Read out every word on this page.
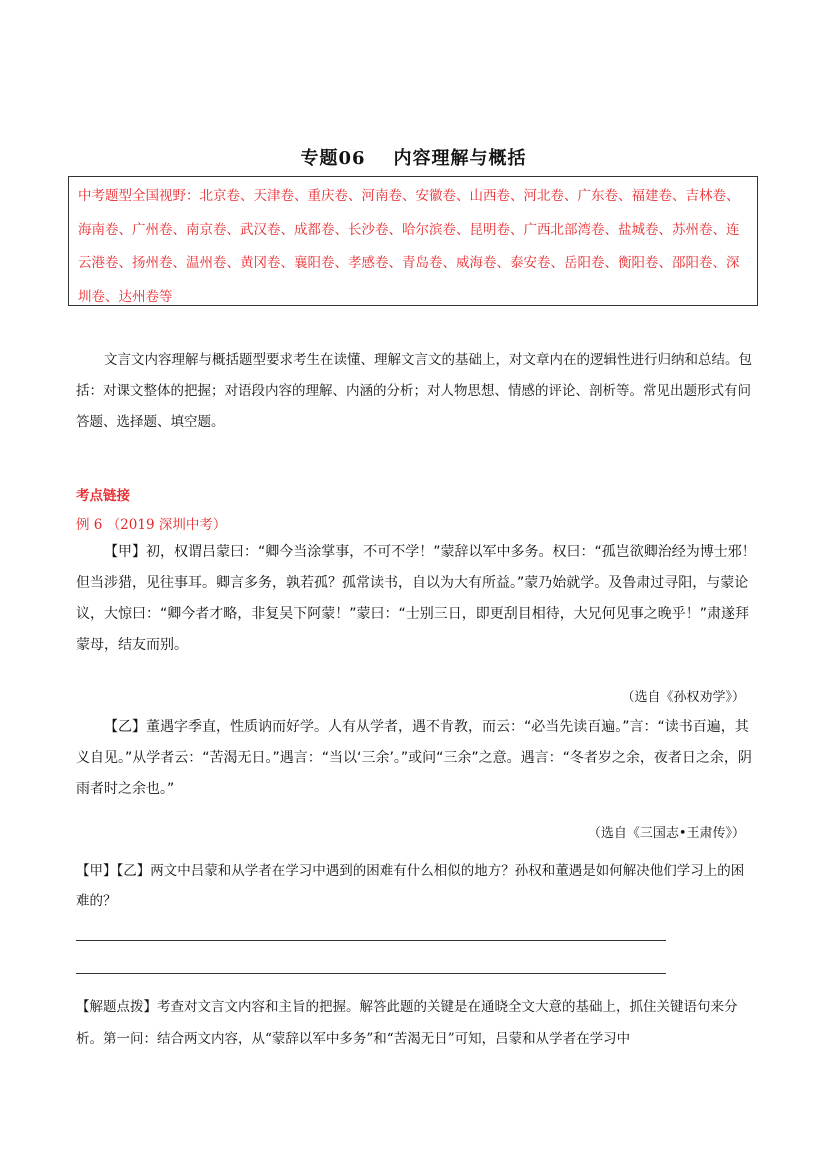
专题06 内容理解与概括
中考题型全国视野：北京卷、天津卷、重庆卷、河南卷、安徽卷、山西卷、河北卷、广东卷、福建卷、吉林卷、海南卷、广州卷、南京卷、武汉卷、成都卷、长沙卷、哈尔滨卷、昆明卷、广西北部湾卷、盐城卷、苏州卷、连云港卷、扬州卷、温州卷、黄冈卷、襄阳卷、孝感卷、青岛卷、威海卷、泰安卷、岳阳卷、衡阳卷、邵阳卷、深圳卷、达州卷等
文言文内容理解与概括题型要求考生在读懂、理解文言文的基础上，对文章内在的逻辑性进行归纳和总结。包括：对课文整体的把握；对语段内容的理解、内涵的分析；对人物思想、情感的评论、剖析等。常见出题形式有问答题、选择题、填空题。
考点链接
例 6 （2019 深圳中考）

【甲】初，权谓吕蒙曰：“卿今当涂掌事，不可不学！”蒙辞以军中多务。权曰：“孤岂欲卿治经为博士邪！但当涉猎，见往事耳。卿言多务，孰若孤？孤常读书，自以为大有所益。”蒙乃始就学。及鲁肃过寻阳，与蒙论议，大惊曰：“卿今者才略，非复吴下阿蒙！”蒙曰：“士别三日，即更刮目相待，大兄何见事之晚乎！”肃遂拜蒙母，结友而别。

（选自《孙权劝学》）

【乙】董遇字季直，性质讷而好学。人有从学者，遇不肯教，而云：“必当先读百遍。”言：“读书百遍，其义自见。”从学者云：“苦渴无日。”遇言：“当以‘三余’。”或问“三余”之意。遇言：“冬者岁之余，夜者日之余，阴雨者时之余也。”

（选自《三国志•王肃传》）
【甲】【乙】两文中吕蒙和从学者在学习中遇到的困难有什么相似的地方？孙权和董遇是如何解决他们学习上的困难的？
【解题点拨】考查对文言文内容和主旨的把握。解答此题的关键是在通晓全文大意的基础上，抓住关键语句来分析。第一问：结合两文内容，从“蒙辞以军中多务”和“苦渴无日”可知，吕蒙和从学者在学习中
